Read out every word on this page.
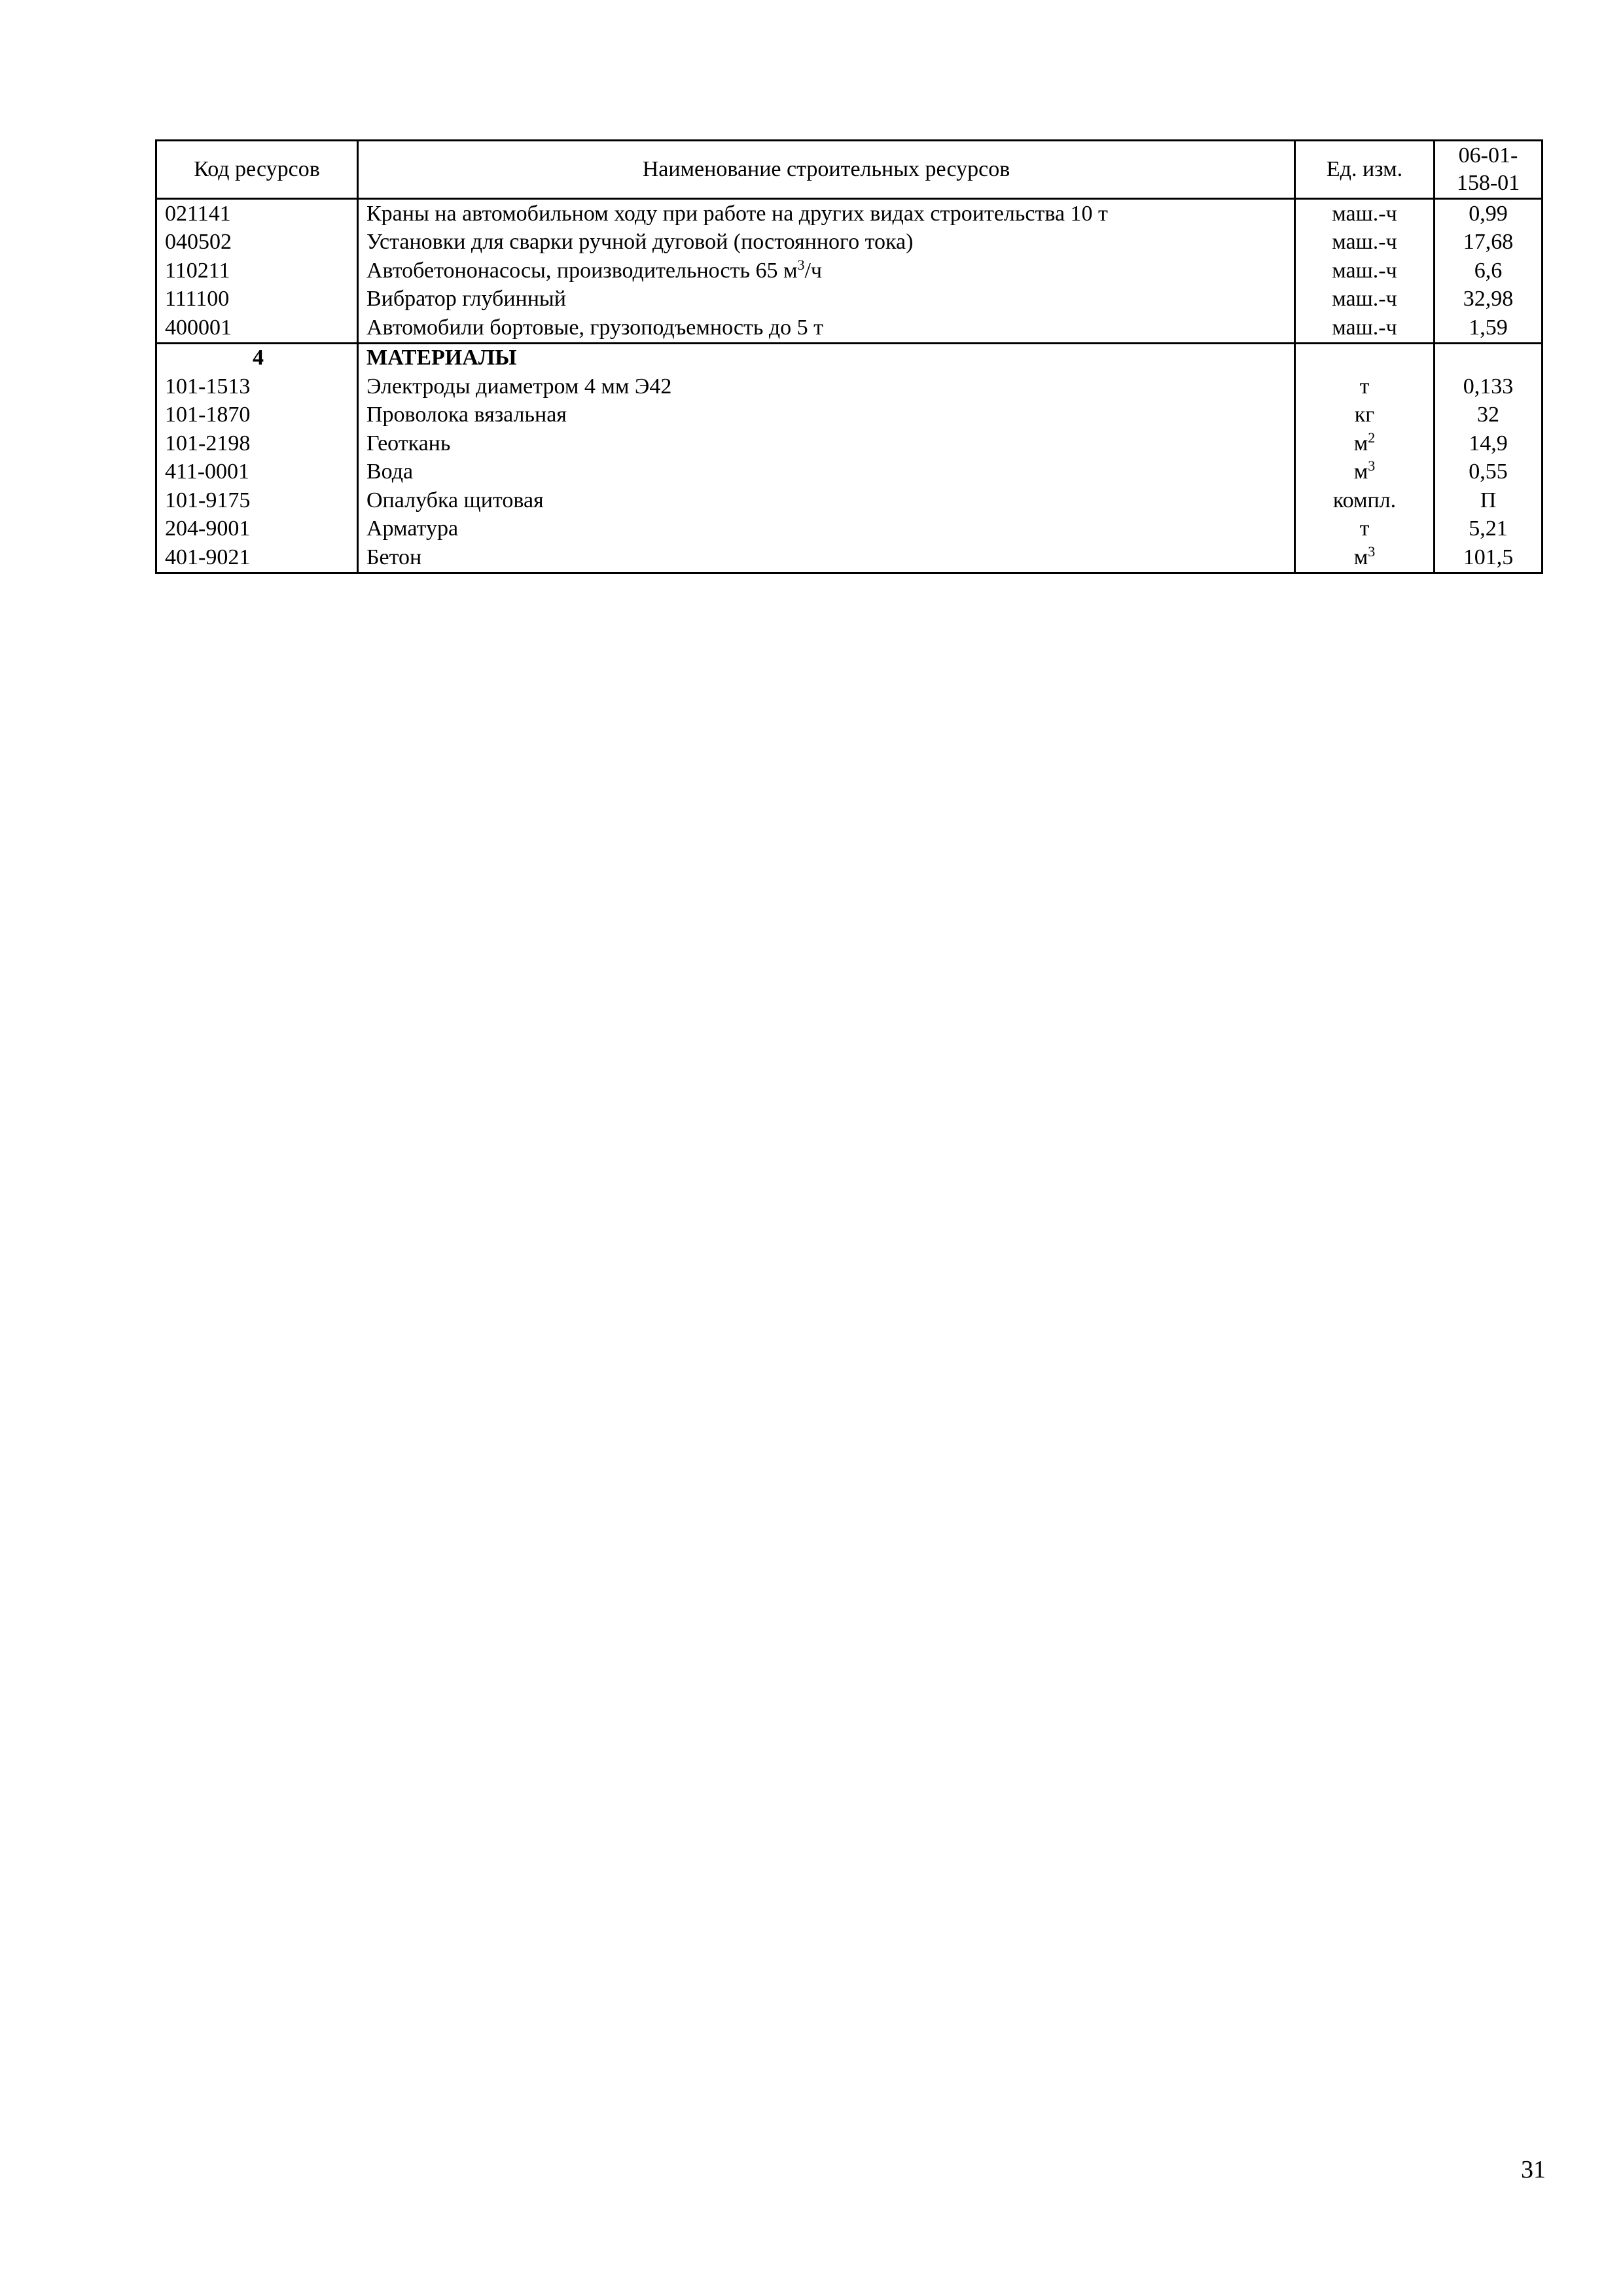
Код ресурсов	Наименование строительных ресурсов	Ед. изм.	06-01-
158-01
021141	Краны на автомобильном ходу при работе на других видах строительства 10 т	маш.-ч	0,99
040502	Установки для сварки ручной дуговой (постоянного тока)	маш.-ч	17,68
110211	Автобетононасосы, производительность 65 $м^3/ч$	маш.-ч	6,6
111100	Вибратор глубинный	маш.-ч	32,98
400001	Автомобили бортовые, грузоподъемность до 5 т	маш.-ч	1,59
4	МАТЕРИАЛЫ		
101-1513	Электроды диаметром 4 мм Э42	т	0,133
101-1870	Проволока вязальная	кг	32
101-2198	Геоткань	$м^2$	14,9
411-0001	Вода	$м^3$	0,55
101-9175	Опалубка щитовая	компл.	П
204-9001	Арматура	т	5,21
401-9021	Бетон	$м^3$	101,5
31
